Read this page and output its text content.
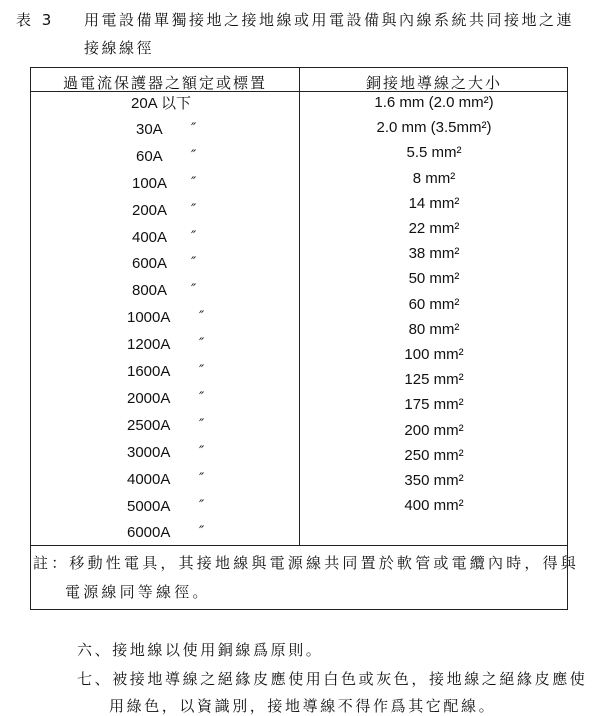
表 3 用電設備單獨接地之接地線或用電設備與內線系統共同接地之連
接線線徑
過電流保護器之額定或標置	銅接地導線之大小
20A 以下
30A ″
60A ″
100A ″
200A ″
400A ″
600A ″
800A ″
1000A ″
1200A ″
1600A ″
2000A ″
2500A ″
3000A ″
4000A ″
5000A ″
6000A ″
1.6 mm (2.0 mm²)
2.0 mm (3.5mm²)
5.5 mm²
8 mm²
14 mm²
22 mm²
38 mm²
50 mm²
60 mm²
80 mm²
100 mm²
125 mm²
175 mm²
200 mm²
250 mm²
350 mm²
400 mm²
註：移動性電具，其接地線與電源線共同置於軟管或電纜內時，得與
電源線同等線徑。
六、接地線以使用銅線爲原則。
七、被接地導線之絕緣皮應使用白色或灰色，接地線之絕緣皮應使
用綠色，以資識別，接地導線不得作爲其它配線。
